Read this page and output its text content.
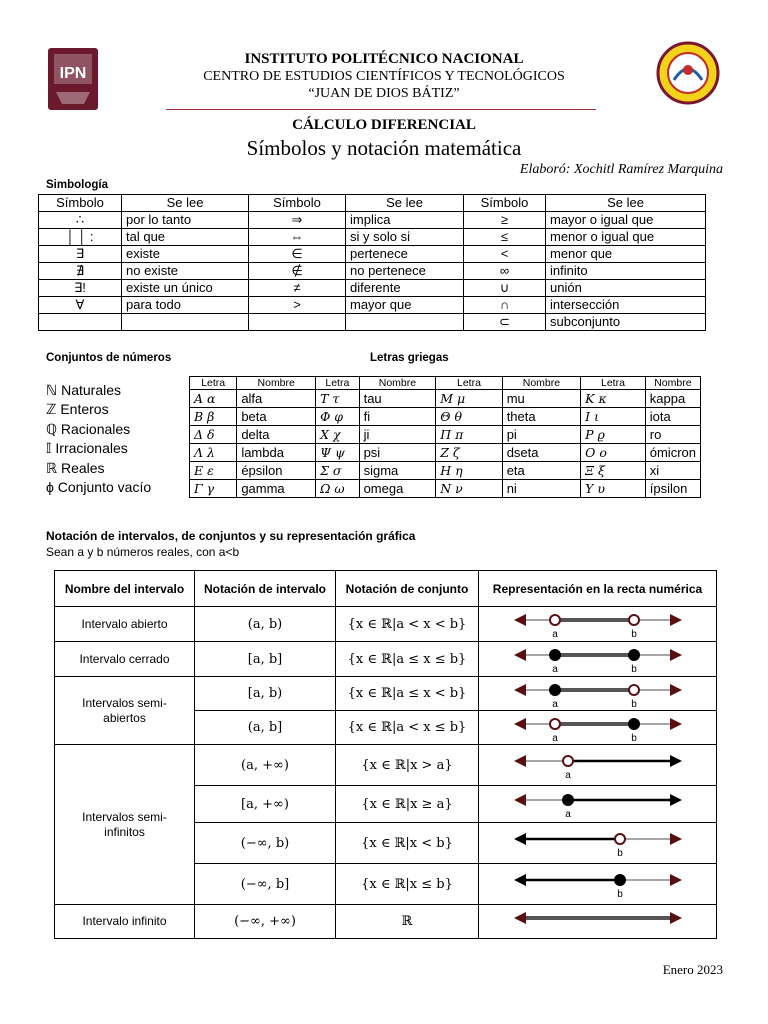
IPN
INSTITUTO POLITÉCNICO NACIONAL
CENTRO DE ESTUDIOS CIENTÍFICOS Y TECNOLÓGICOS
“JUAN DE DIOS BÁTIZ”
CÁLCULO DIFERENCIAL
Símbolos y notación matemática
Elaboró: Xochitl Ramírez Marquina
Simbología
Símbolo	Se lee	Símbolo	Se lee	Símbolo	Se lee
∴	por lo tanto	⇒	implica	≥	mayor o igual que
│ │ :	tal que	⇔	si y solo si	≤	menor o igual que
∃	existe	∈	pertenece	<	menor que
∄	no existe	∉	no pertenece	∞	infinito
∃!	existe un único	≠	diferente	∪	unión
∀	para todo	>	mayor que	∩	intersección
				⊂	subconjunto
Conjuntos de números
ℕ Naturales
ℤ Enteros
ℚ Racionales
𝕀 Irracionales
ℝ Reales
ϕ Conjunto vacío
Letras griegas
Letra	Nombre	Letra	Nombre	Letra	Nombre	Letra	Nombre
Α α	alfa	Τ τ	tau	Μ μ	mu	Κ κ	kappa
Β β	beta	Φ φ	fi	Θ θ	theta	Ι ι	iota
Δ δ	delta	Χ χ	ji	Π π	pi	Ρ ϱ	ro
Λ λ	lambda	Ψ ψ	psi	Ζ ζ	dseta	Ο ο	ómicron
Ε ε	épsilon	Σ σ	sigma	Η η	eta	Ξ ξ	xi
Γ γ	gamma	Ω ω	omega	Ν ν	ni	Υ υ	ípsilon
Notación de intervalos, de conjuntos y su representación gráfica
Sean a y b números reales, con a<b
Nombre del intervalo	Notación de intervalo	Notación de conjunto	Representación en la recta numérica

Intervalo abierto	(a, b)	{x ∈ ℝ|a < x < b}	a b

Intervalo cerrado	[a, b]	{x ∈ ℝ|a ≤ x ≤ b}	a b

Intervalos semi-abiertos	[a, b)	{x ∈ ℝ|a ≤ x < b}	a b

	(a, b]	{x ∈ ℝ|a < x ≤ b}	a b

Intervalos semi-infinitos	(a, +∞)	{x ∈ ℝ|x > a}	a

	[a, +∞)	{x ∈ ℝ|x ≥ a}	a

	(−∞, b)	{x ∈ ℝ|x < b}	b

	(−∞, b]	{x ∈ ℝ|x ≤ b}	b

Intervalo infinito	(−∞, +∞)	ℝ	
Enero 2023
